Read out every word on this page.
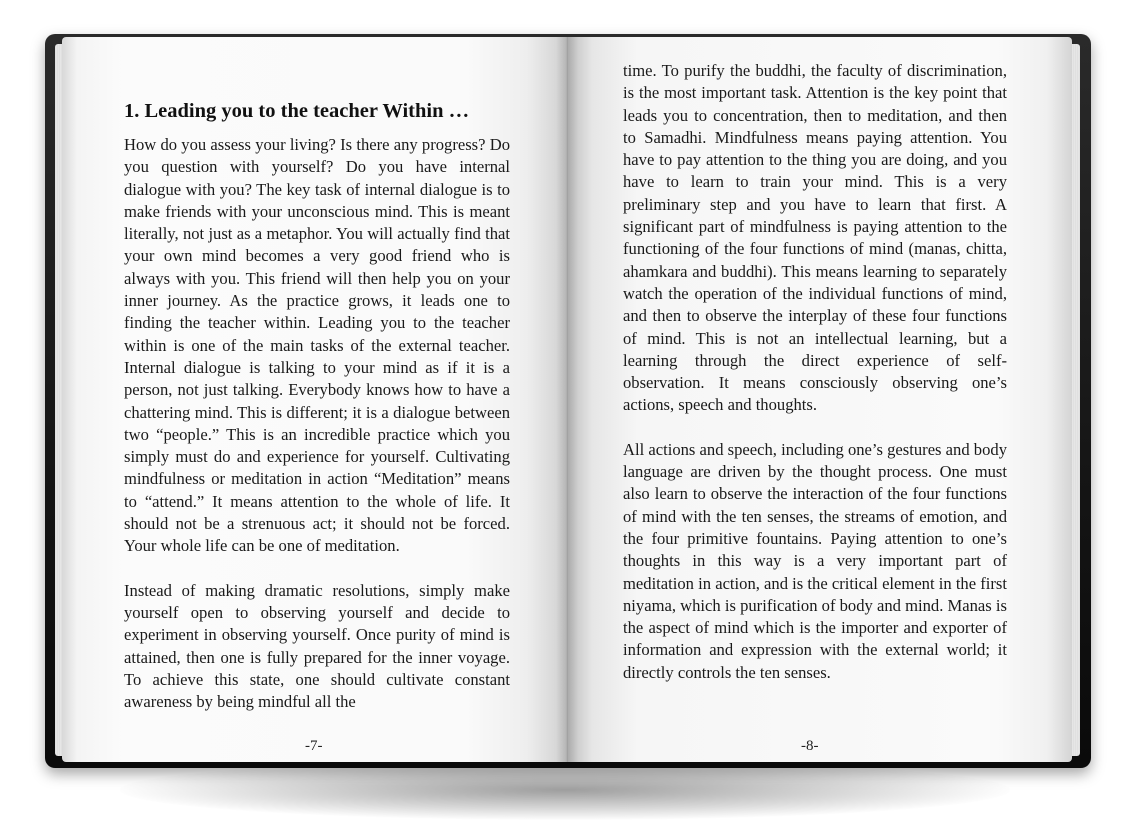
1. Leading you to the teacher Within …

How do you assess your living? Is there any progress? Do you question with yourself? Do you have internal dialogue with you? The key task of internal dialogue is to make friends with your unconscious mind. This is meant literally, not just as a metaphor. You will actually find that your own mind becomes a very good friend who is always with you. This friend will then help you on your inner journey. As the practice grows, it leads one to finding the teacher within. Leading you to the teacher within is one of the main tasks of the external teacher. Internal dialogue is talking to your mind as if it is a person, not just talking. Everybody knows how to have a chattering mind. This is different; it is a dialogue between two “people.” This is an incredible practice which you simply must do and experience for yourself. Cultivating mindfulness or meditation in action “Meditation” means to “attend.” It means attention to the whole of life. It should not be a strenuous act; it should not be forced. Your whole life can be one of meditation.

Instead of making dramatic resolutions, simply make yourself open to observing yourself and decide to experiment in observing yourself. Once purity of mind is attained, then one is fully prepared for the inner voyage. To achieve this state, one should cultivate constant awareness by being mindful all the

-7-

time. To purify the buddhi, the faculty of discrimination, is the most important task. Attention is the key point that leads you to concentration, then to meditation, and then to Samadhi. Mindfulness means paying attention. You have to pay attention to the thing you are doing, and you have to learn to train your mind. This is a very preliminary step and you have to learn that first. A significant part of mindfulness is paying attention to the functioning of the four functions of mind (manas, chitta, ahamkara and buddhi). This means learning to separately watch the operation of the individual functions of mind, and then to observe the interplay of these four functions of mind. This is not an intellectual learning, but a learning through the direct experience of self-observation. It means consciously observing one’s actions, speech and thoughts.

All actions and speech, including one’s gestures and body language are driven by the thought process. One must also learn to observe the interaction of the four functions of mind with the ten senses, the streams of emotion, and the four primitive fountains. Paying attention to one’s thoughts in this way is a very important part of meditation in action, and is the critical element in the first niyama, which is purification of body and mind. Manas is the aspect of mind which is the importer and exporter of information and expression with the external world; it directly controls the ten senses.

-8-
